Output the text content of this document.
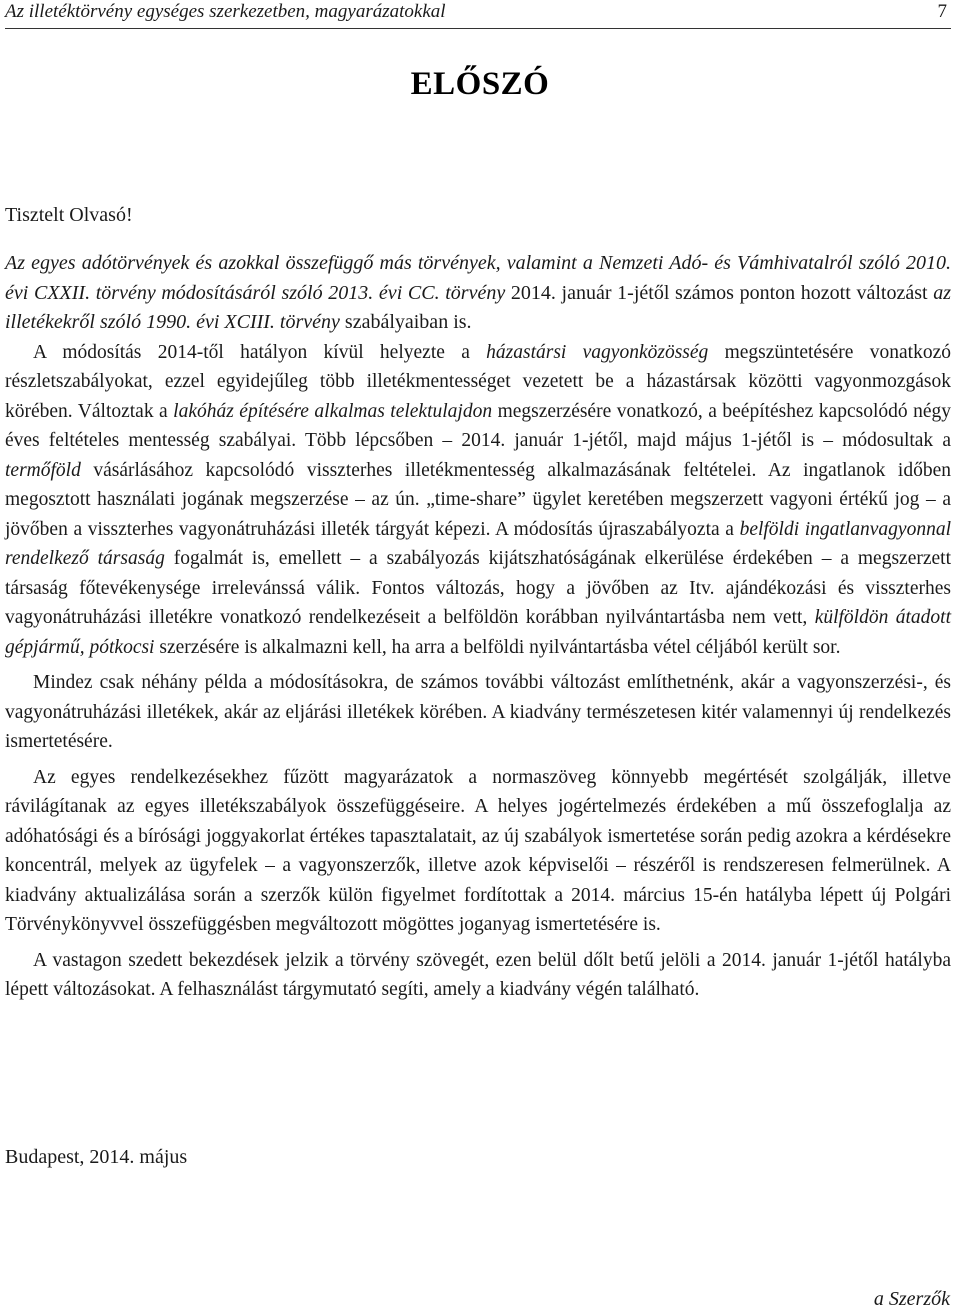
Az illetéktörvény egységes szerkezetben, magyarázatokkal	7
ELŐSZÓ
Tisztelt Olvasó!

Az egyes adótörvények és azokkal összefüggő más törvények, valamint a Nemzeti Adó- és Vámhivatalról szóló 2010. évi CXXII. törvény módosításáról szóló 2013. évi CC. törvény 2014. január 1-jétől számos ponton hozott változást az illetékekről szóló 1990. évi XCIII. törvény szabályaiban is.

A módosítás 2014-től hatályon kívül helyezte a házastársi vagyonközösség megszüntetésére vonatkozó részletszabályokat, ezzel egyidejűleg több illetékmentességet vezetett be a házastársak közötti vagyonmozgások körében. Változtak a lakóház építésére alkalmas telektulajdon megszerzésére vonatkozó, a beépítéshez kapcsolódó négy éves feltételes mentesség szabályai. Több lépcsőben – 2014. január 1-jétől, majd május 1-jétől is – módosultak a termőföld vásárlásához kapcsolódó visszterhes illetékmentesség alkalmazásának feltételei. Az ingatlanok időben megosztott használati jogának megszerzése – az ún. „time-share” ügylet keretében megszerzett vagyoni értékű jog – a jövőben a visszterhes vagyonátruházási illeték tárgyát képezi. A módosítás újraszabályozta a belföldi ingatlanvagyonnal rendelkező társaság fogalmát is, emellett – a szabályozás kijátszhatóságának elkerülése érdekében – a megszerzett társaság főtevékenysége irrelevánssá válik. Fontos változás, hogy a jövőben az Itv. ajándékozási és visszterhes vagyonátruházási illetékre vonatkozó rendelkezéseit a belföldön korábban nyilvántartásba nem vett, külföldön átadott gépjármű, pótkocsi szerzésére is alkalmazni kell, ha arra a belföldi nyilvántartásba vétel céljából került sor.

Mindez csak néhány példa a módosításokra, de számos további változást említhetnénk, akár a vagyonszerzési-, és vagyonátruházási illetékek, akár az eljárási illetékek körében. A kiadvány természetesen kitér valamennyi új rendelkezés ismertetésére.

Az egyes rendelkezésekhez fűzött magyarázatok a normaszöveg könnyebb megértését szolgálják, illetve rávilágítanak az egyes illetékszabályok összefüggéseire. A helyes jogértelmezés érdekében a mű összefoglalja az adóhatósági és a bírósági joggyakorlat értékes tapasztalatait, az új szabályok ismertetése során pedig azokra a kérdésekre koncentrál, melyek az ügyfelek – a vagyonszerzők, illetve azok képviselői – részéről is rendszeresen felmerülnek. A kiadvány aktualizálása során a szerzők külön figyelmet fordítottak a 2014. március 15-én hatályba lépett új Polgári Törvénykönyvvel összefüggésben megváltozott mögöttes joganyag ismertetésére is.

A vastagon szedett bekezdések jelzik a törvény szövegét, ezen belül dőlt betű jelöli a 2014. január 1-jétől hatályba lépett változásokat. A felhasználást tárgymutató segíti, amely a kiadvány végén található.

Budapest, 2014. május
a Szerzők
